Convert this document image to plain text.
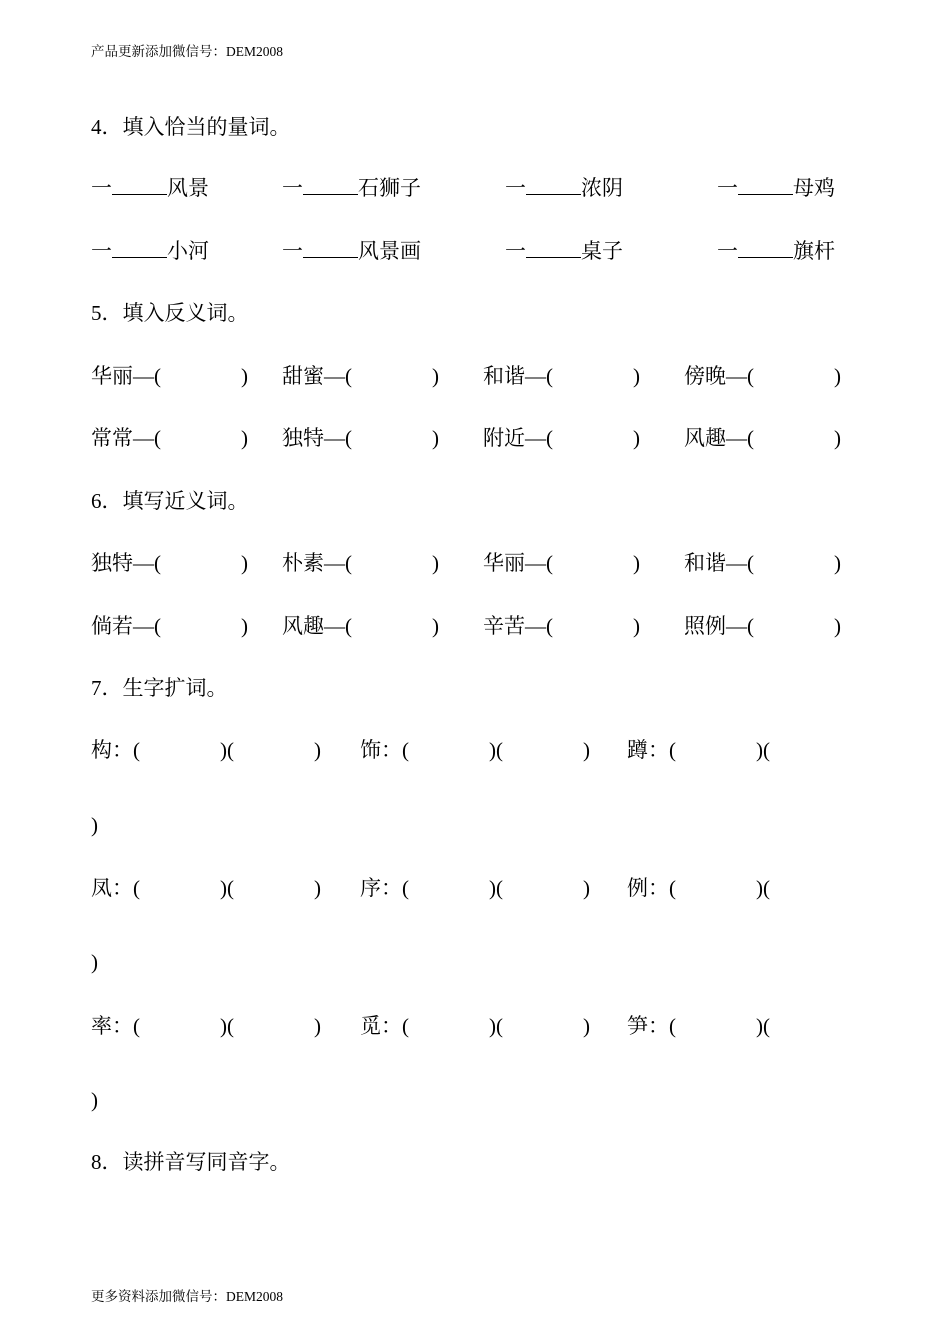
产品更新添加微信号：DEM2008
4．填入恰当的量词。
一	风景	一	石狮子	一	浓阴	一	母鸡
一	小河	一	风景画	一	桌子	一	旗杆
5．填入反义词。
华丽—(	) 甜蜜—(	) 和谐—(	) 傍晚—(	)
常常—(	) 独特—(	) 附近—(	) 风趣—(	)
6．填写近义词。
独特—(	) 朴素—(	) 华丽—(	) 和谐—(	)
倘若—(	) 风趣—(	) 辛苦—(	) 照例—(	)
7．生字扩词。
构：(	)(	) 饰：(	)(	) 蹲：(	)(
)
凤：(	)(	) 序：(	)(	) 例：(	)(
)
率：(	)(	) 觅：(	)(	) 笋：(	)(
)
8．读拼音写同音字。
更多资料添加微信号：DEM2008
